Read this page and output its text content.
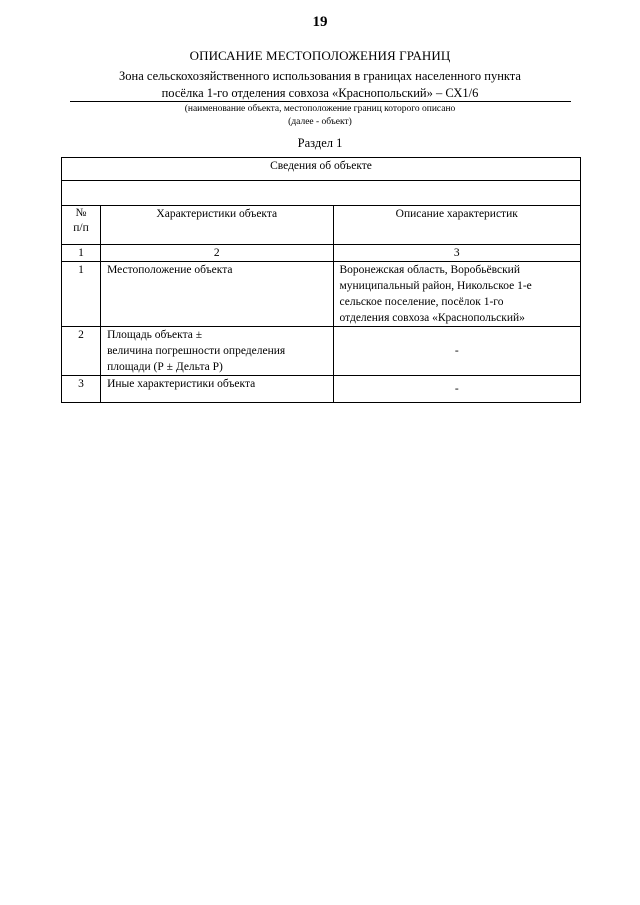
19
ОПИСАНИЕ МЕСТОПОЛОЖЕНИЯ ГРАНИЦ
Зона сельскохозяйственного использования в границах населенного пункта
посёлка 1-го отделения совхоза «Краснопольский» – СХ1/6
(наименование объекта, местоположение границ которого описано
(далее - объект)
Раздел 1
Сведения об объекте		

№
п/п	Характеристики объекта	Описание характеристик
1	2	3
1	Местоположение объекта	Воронежская область, Воробьёвский
муниципальный район, Никольское 1-е
сельское поселение, посёлок 1-го
отделения совхоза «Краснопольский»

2	Площадь объекта ±
величина погрешности определения
площади (Р ± Дельта Р)	-
3	Иные характеристики объекта	-
